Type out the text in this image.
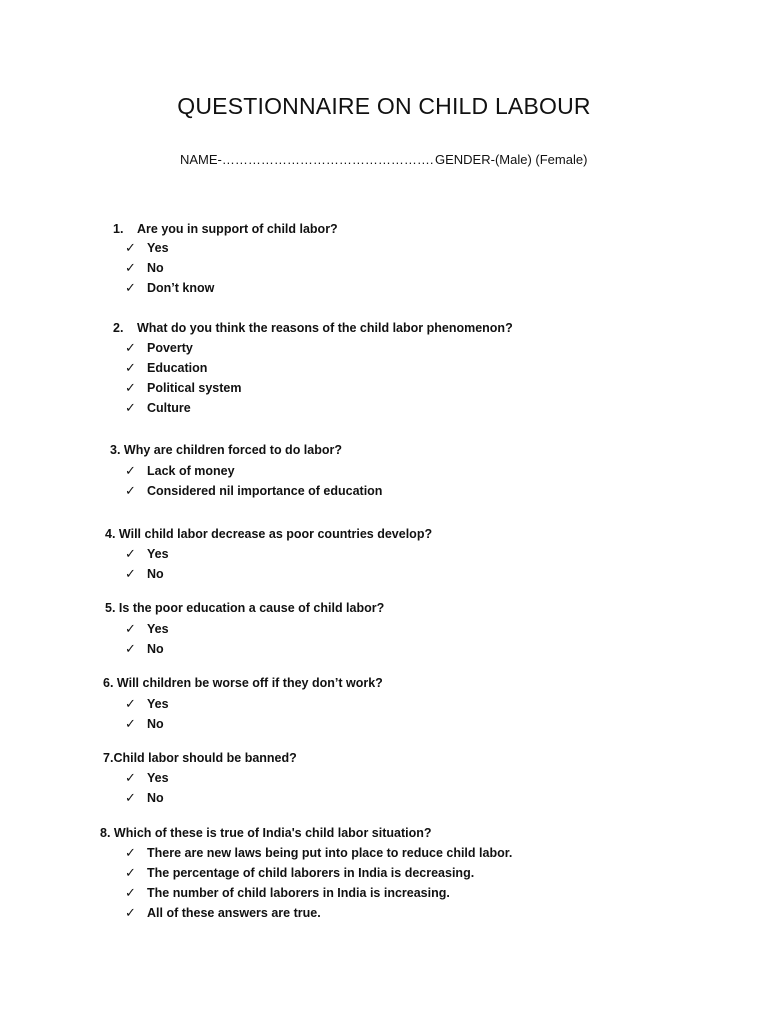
QUESTIONNAIRE ON CHILD LABOUR
NAME-…………………………………………. GENDER-(Male) (Female)

1. Are you in support of child labor?

✓ Yes
✓ No
✓ Don’t know

2. What do you think the reasons of the child labor phenomenon?

✓ Poverty
✓ Education
✓ Political system
✓ Culture

3. Why are children forced to do labor?

✓ Lack of money
✓ Considered nil importance of education

4. Will child labor decrease as poor countries develop?

✓ Yes
✓ No

5. Is the poor education a cause of child labor?

✓ Yes
✓ No

6. Will children be worse off if they don’t work?

✓ Yes
✓ No

7.Child labor should be banned?

✓ Yes
✓ No

8. Which of these is true of India's child labor situation?

✓ There are new laws being put into place to reduce child labor.
✓ The percentage of child laborers in India is decreasing.
✓ The number of child laborers in India is increasing.
✓ All of these answers are true.
